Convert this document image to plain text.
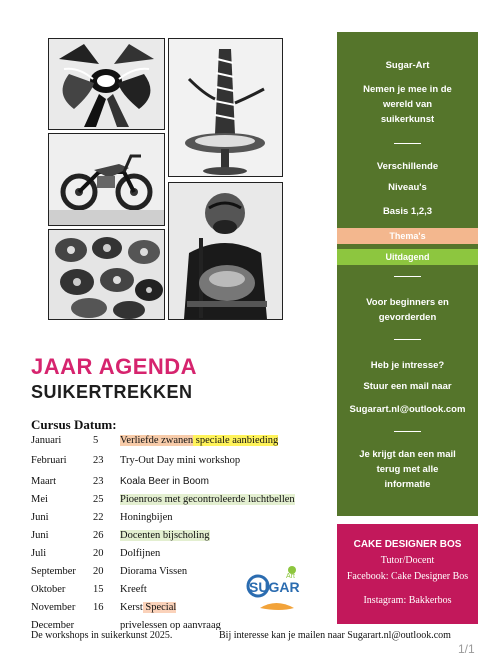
Sugar-Art
Nemen je mee in de
wereld van
suikerkunst
Verschillende
Niveau's
Basis 1,2,3
Thema's
Uitdagend
Voor beginners en
gevorderden
Heb je intresse?
Stuur een mail naar
Sugarart.nl@outlook.com
Je krijgt dan een mail
terug met alle
informatie
CAKE DESIGNER BOS
Tutor/Docent
Facebook: Cake Designer Bos
Instagram: Bakkerbos
JAAR AGENDA
SUIKERTREKKEN
Cursus Datum:
Januari	5 Verliefde zwanen speciale aanbieding
Februari	23 Try-Out Day mini workshop
Maart	23 Koala Beer in Boom
Mei	25 Pioenroos met gecontroleerde luchtbellen
Juni	22 Honingbijen
Juni	26 Docenten bijscholing
Juli	20 Dolfijnen
September 20 Diorama Vissen
Oktober	15 Kreeft
November 16 Kerst Special
December	privelessen op aanvraag
SUGAR
Art
De workshops in suikerkunst 2025.	Bij interesse kan je mailen naar Sugarart.nl@outlook.com
1/1
